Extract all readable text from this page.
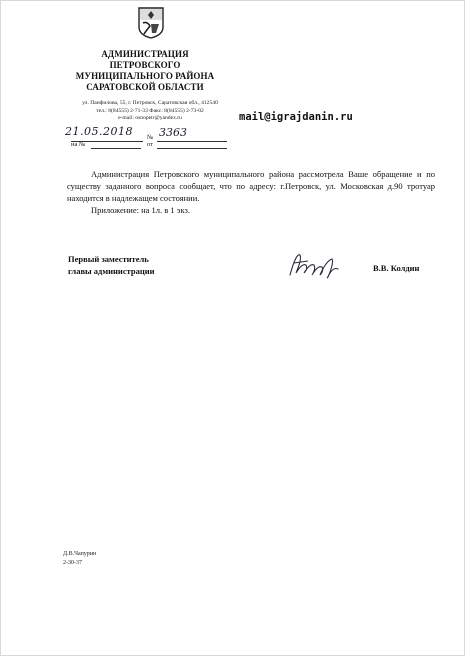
АДМИНИСТРАЦИЯ
ПЕТРОВСКОГО
МУНИЦИПАЛЬНОГО РАЙОНА
САРАТОВСКОЙ ОБЛАСТИ
ул. Панфилова, 55, г. Петровск, Саратовская обл., 412540
тел.: 8(84555) 2-71-33 Факс: 8(84555) 2-73-02
e-mail: osnopetr@yandex.ru	mail@igrajdanin.ru
21.05.2018 № 3363
на №	от

Администрация Петровского муниципального района рассмотрела Ваше обращение и по существу заданного вопроса сообщает, что по адресу: г.Петровск, ул. Московская д.90 тротуар находится в надлежащем состоянии.

Приложение: на 1л. в 1 экз.

Первый заместитель
главы администрации	В.В. Колдин
Д.В.Чапурин
2-30-37
